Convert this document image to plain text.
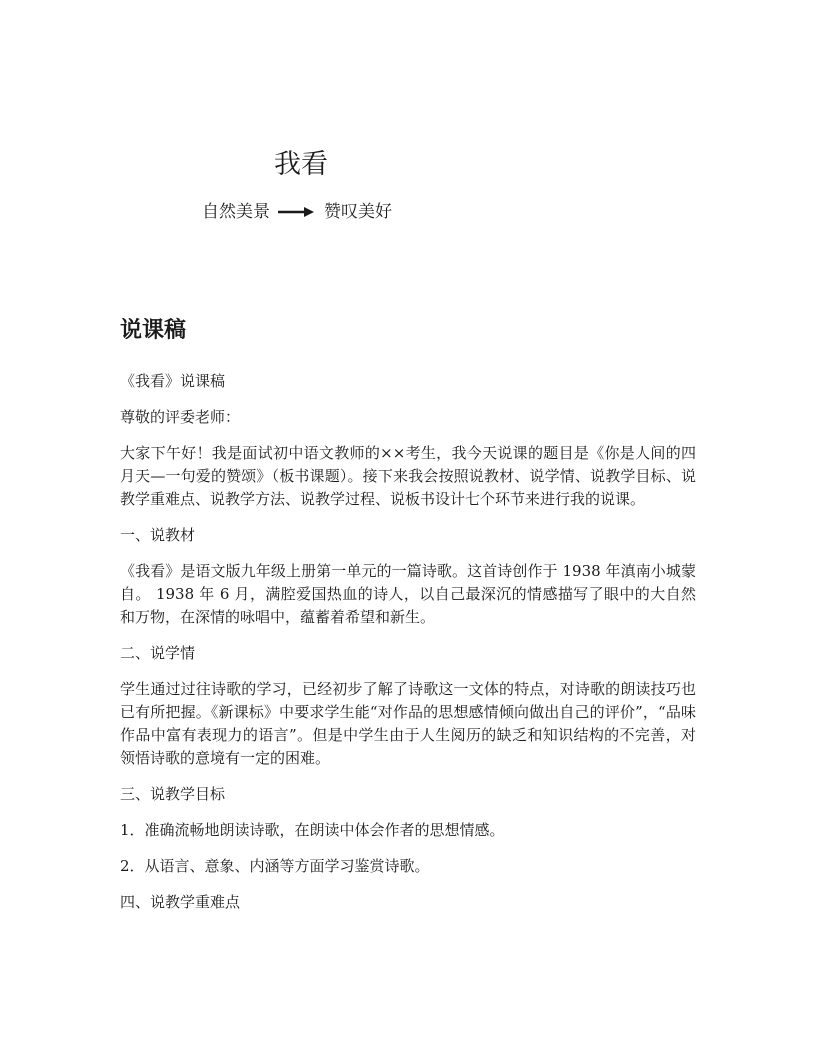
我看
自然美景	赞叹美好
说课稿

《我看》说课稿

尊敬的评委老师：

大家下午好！我是面试初中语文教师的××考生，我今天说课的题目是《你是人间的四月天—一句爱的赞颂》（板书课题）。接下来我会按照说教材、说学情、说教学目标、说教学重难点、说教学方法、说教学过程、说板书设计七个环节来进行我的说课。

一、说教材

《我看》是语文版九年级上册第一单元的一篇诗歌。这首诗创作于 1938 年滇南小城蒙自。 1938 年 6 月，满腔爱国热血的诗人，以自己最深沉的情感描写了眼中的大自然和万物，在深情的咏唱中，蕴蓄着希望和新生。

二、说学情

学生通过过往诗歌的学习，已经初步了解了诗歌这一文体的特点，对诗歌的朗读技巧也已有所把握。《新课标》中要求学生能“对作品的思想感情倾向做出自己的评价”，“品味作品中富有表现力的语言”。但是中学生由于人生阅历的缺乏和知识结构的不完善，对领悟诗歌的意境有一定的困难。

三、说教学目标

1．准确流畅地朗读诗歌，在朗读中体会作者的思想情感。

2．从语言、意象、内涵等方面学习鉴赏诗歌。

四、说教学重难点
